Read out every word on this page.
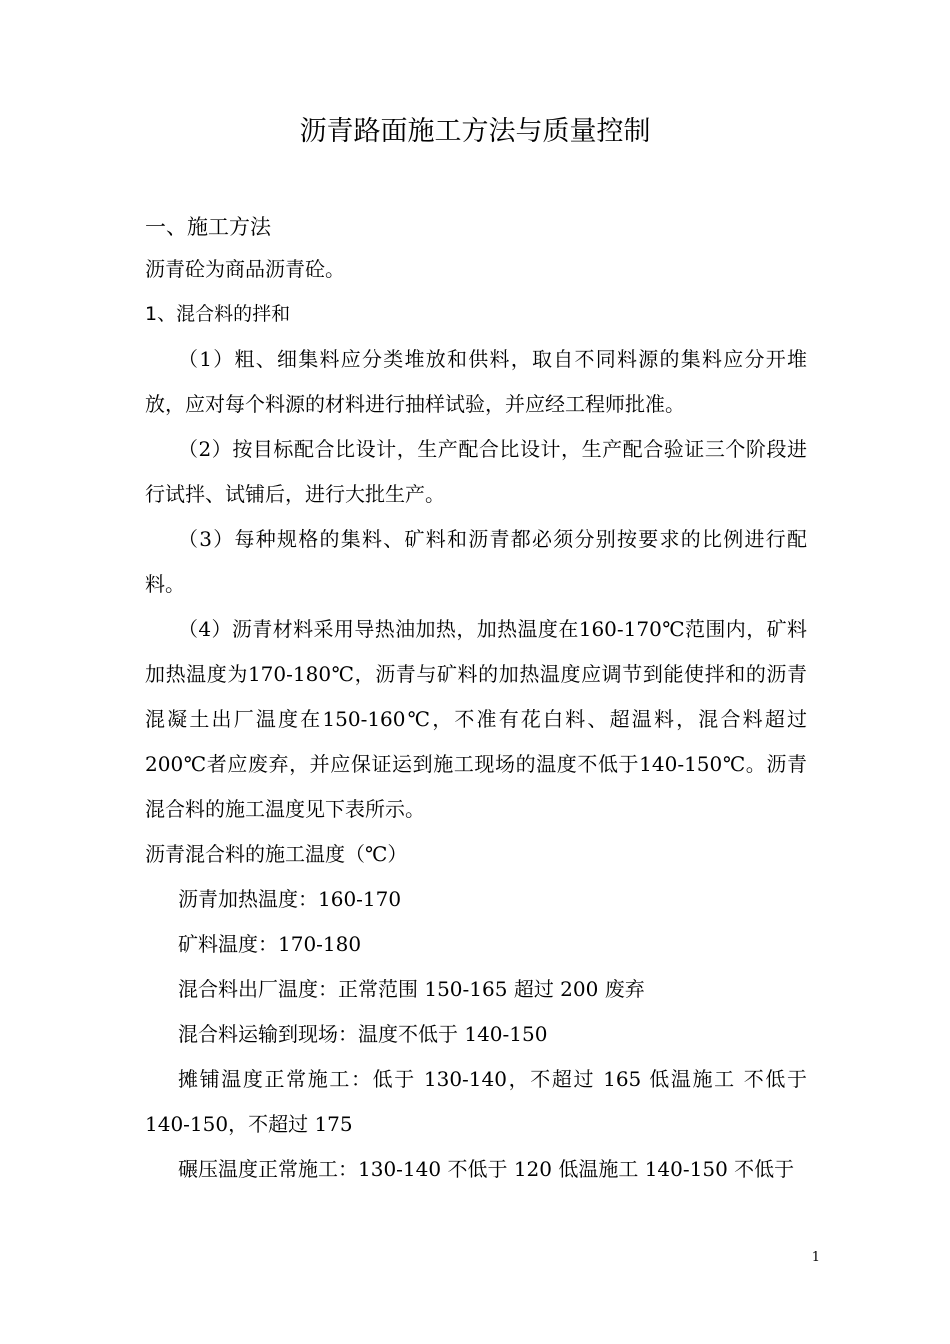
沥青路面施工方法与质量控制

一、施工方法

沥青砼为商品沥青砼。

1、混合料的拌和

（1）粗、细集料应分类堆放和供料，取自不同料源的集料应分开堆放，应对每个料源的材料进行抽样试验，并应经工程师批准。

（2）按目标配合比设计，生产配合比设计，生产配合验证三个阶段进行试拌、试铺后，进行大批生产。

（3）每种规格的集料、矿料和沥青都必须分别按要求的比例进行配料。

（4）沥青材料采用导热油加热，加热温度在160-170℃范围内，矿料加热温度为170-180℃，沥青与矿料的加热温度应调节到能使拌和的沥青混凝土出厂温度在150-160℃，不准有花白料、超温料，混合料超过 200℃者应废弃，并应保证运到施工现场的温度不低于140-150℃。沥青混合料的施工温度见下表所示。

沥青混合料的施工温度（℃）

沥青加热温度：160-170

矿料温度：170-180

混合料出厂温度：正常范围 150-165 超过 200 废弃

混合料运输到现场：温度不低于 140-150

摊铺温度正常施工：低于 130-140，不超过 165 低温施工 不低于 140-150，不超过 175

碾压温度正常施工：130-140 不低于 120 低温施工 140-150 不低于

1
